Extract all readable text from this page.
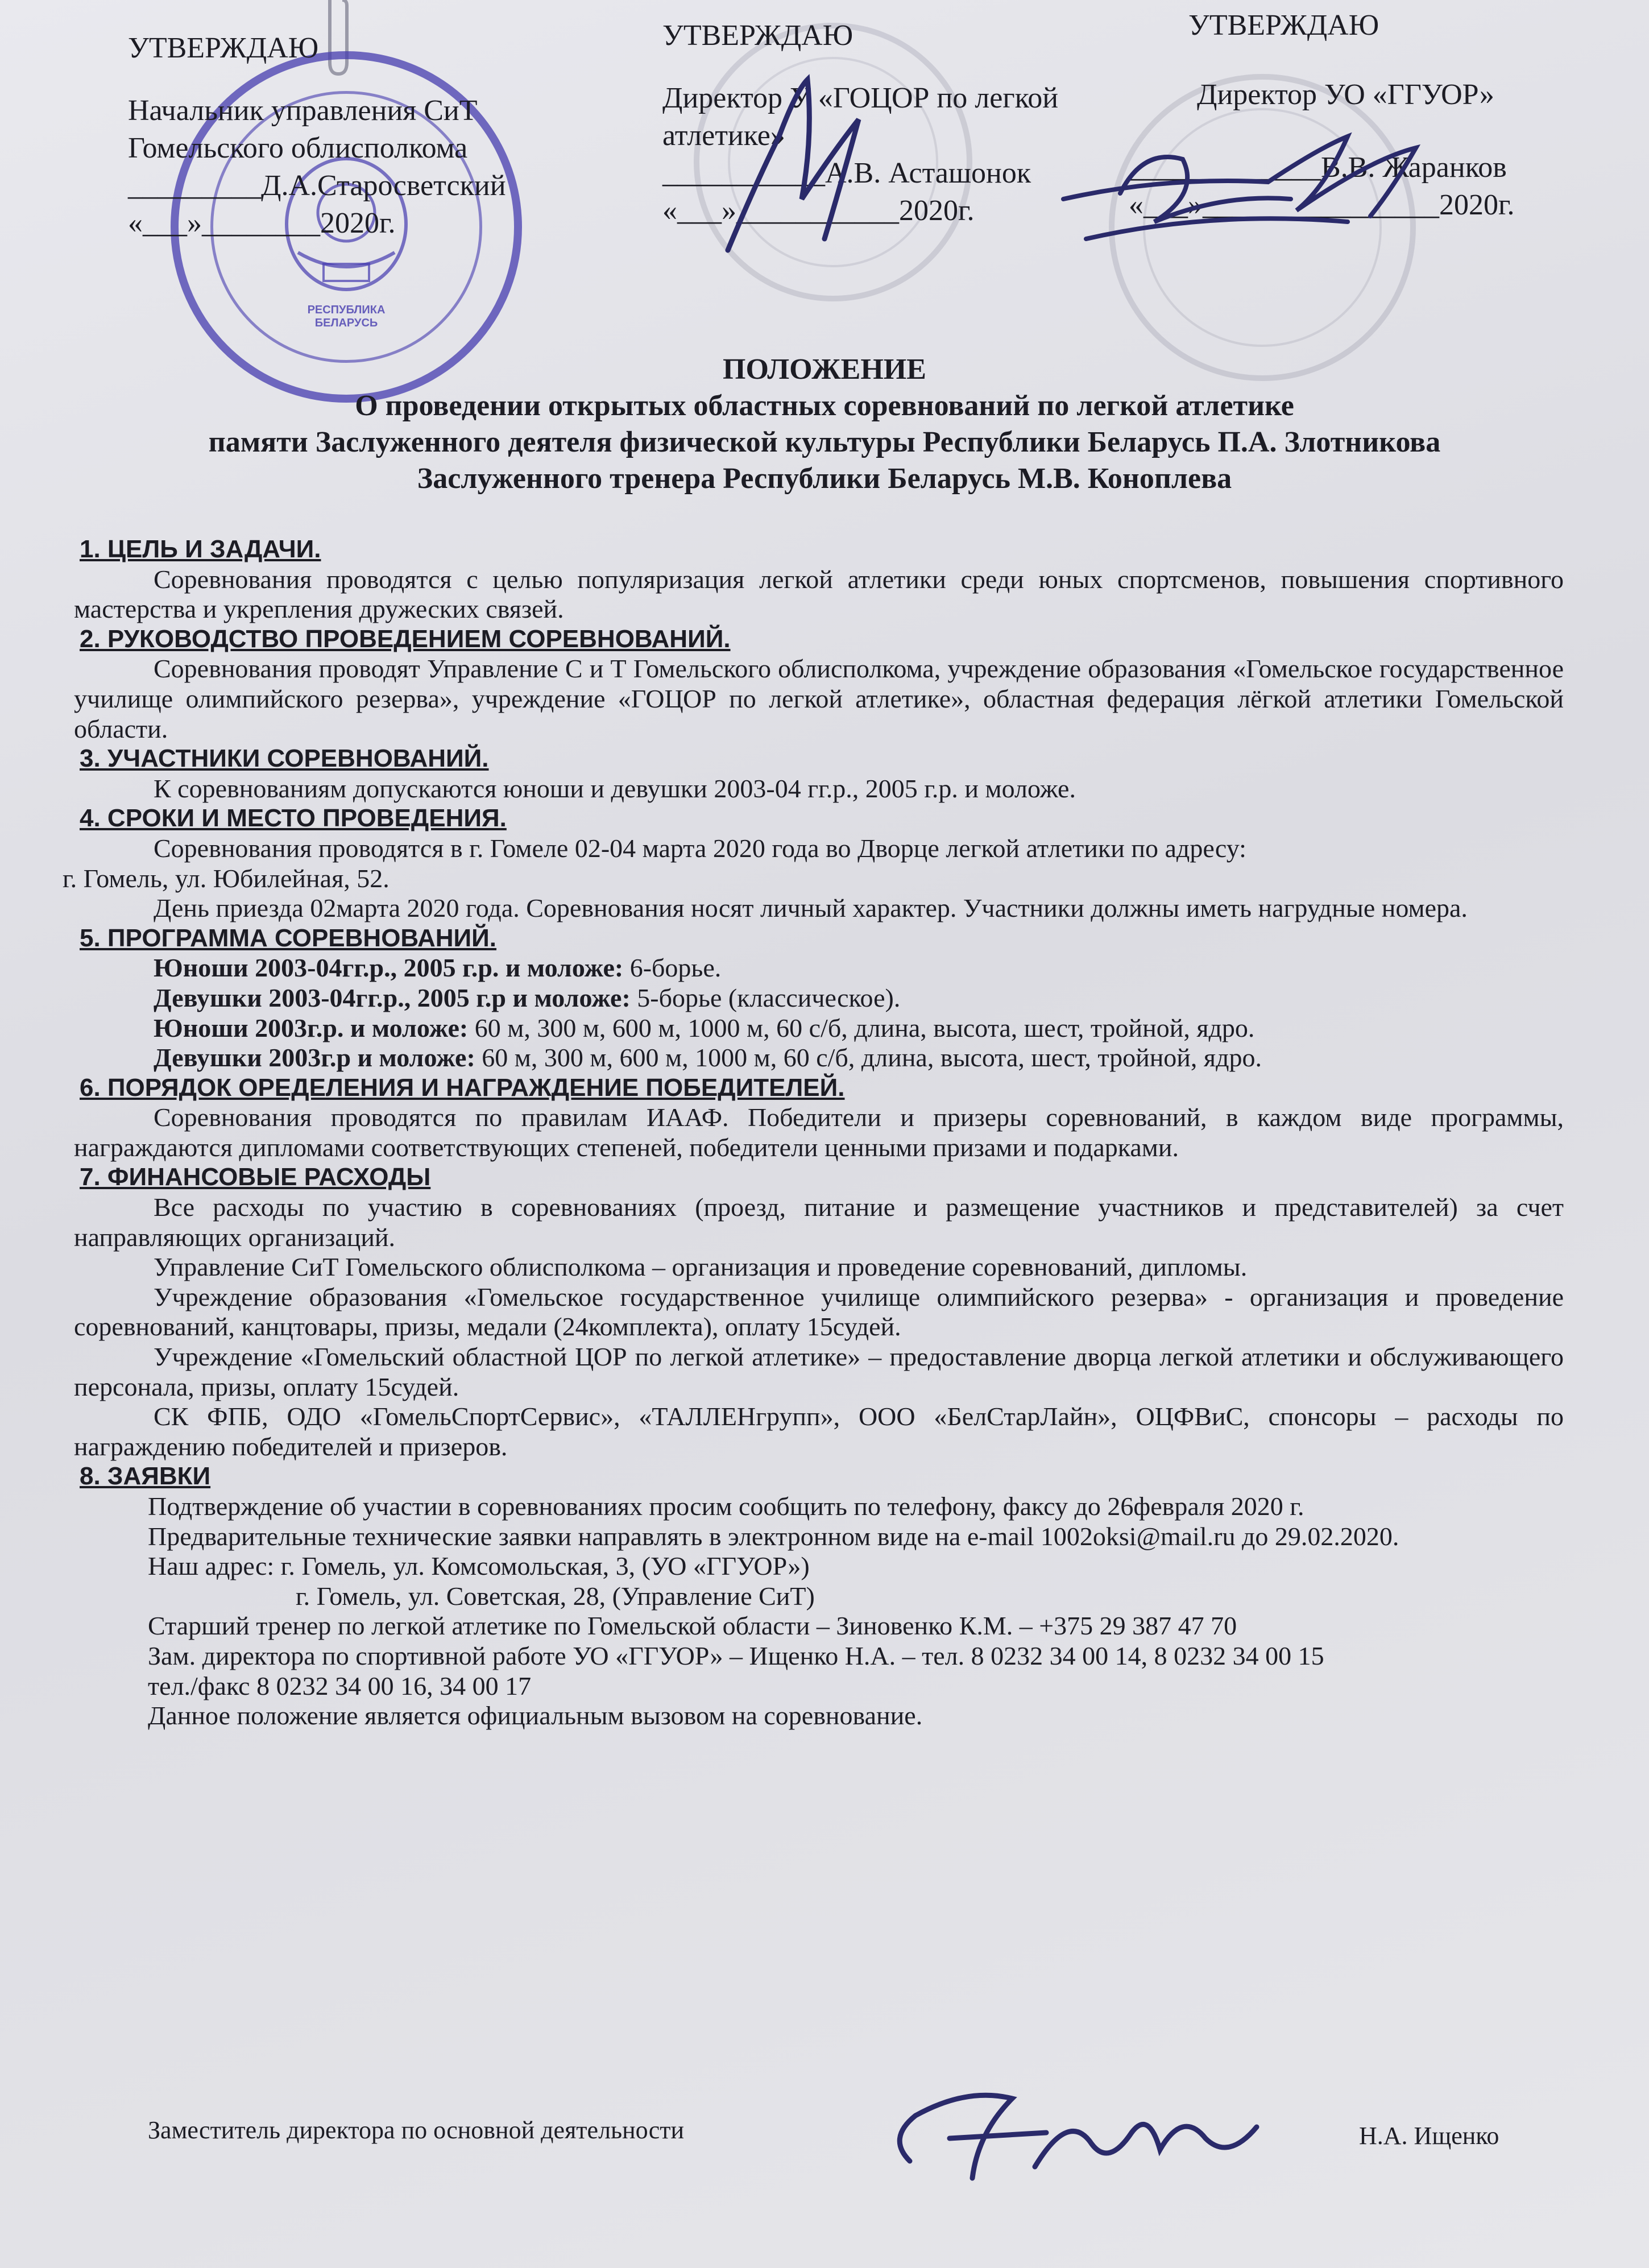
РЕСПУБЛИКА БЕЛАРУСЬ
УТВЕРЖДАЮ
Начальник управления СиТ
Гомельского облисполкома
_________Д.А.Старосветский
«___»________2020г.
УТВЕРЖДАЮ
Директор У «ГОЦОР по легкой
атлетике»
___________А.В. Асташонок
«___»___________2020г.
УТВЕРЖДАЮ
Директор УО «ГГУОР»
_____________В.В. Жаранков
«___»________________2020г.
ПОЛОЖЕНИЕ
О проведении открытых областных соревнований по легкой атлетике
памяти Заслуженного деятеля физической культуры Республики Беларусь П.А. Злотникова
Заслуженного тренера Республики Беларусь М.В. Коноплева
1. ЦЕЛЬ И ЗАДАЧИ.
Соревнования проводятся с целью популяризация легкой атлетики среди юных спортсменов, повышения спортивного мастерства и укрепления дружеских связей.
2. РУКОВОДСТВО ПРОВЕДЕНИЕМ СОРЕВНОВАНИЙ.
Соревнования проводят Управление С и Т Гомельского облисполкома, учреждение образования «Гомельское государственное училище олимпийского резерва», учреждение «ГОЦОР по легкой атлетике», областная федерация лёгкой атлетики Гомельской области.
3. УЧАСТНИКИ СОРЕВНОВАНИЙ.
К соревнованиям допускаются юноши и девушки 2003-04 гг.р., 2005 г.р. и моложе.
4. СРОКИ И МЕСТО ПРОВЕДЕНИЯ.
Соревнования проводятся в г. Гомеле 02-04 марта 2020 года во Дворце легкой атлетики по адресу:
г. Гомель, ул. Юбилейная, 52.
День приезда 02марта 2020 года. Соревнования носят личный характер. Участники должны иметь нагрудные номера.
5. ПРОГРАММА СОРЕВНОВАНИЙ.
Юноши 2003-04гг.р., 2005 г.р. и моложе: 6-борье.
Девушки 2003-04гг.р., 2005 г.р и моложе: 5-борье (классическое).
Юноши 2003г.р. и моложе: 60 м, 300 м, 600 м, 1000 м, 60 с/б, длина, высота, шест, тройной, ядро.
Девушки 2003г.р и моложе: 60 м, 300 м, 600 м, 1000 м, 60 с/б, длина, высота, шест, тройной, ядро.
6. ПОРЯДОК ОРЕДЕЛЕНИЯ И НАГРАЖДЕНИЕ ПОБЕДИТЕЛЕЙ.
Соревнования проводятся по правилам ИААФ. Победители и призеры соревнований, в каждом виде программы, награждаются дипломами соответствующих степеней, победители ценными призами и подарками.
7. ФИНАНСОВЫЕ РАСХОДЫ
Все расходы по участию в соревнованиях (проезд, питание и размещение участников и представителей) за счет направляющих организаций.
Управление СиТ Гомельского облисполкома – организация и проведение соревнований, дипломы.
Учреждение образования «Гомельское государственное училище олимпийского резерва» - организация и проведение соревнований, канцтовары, призы, медали (24комплекта), оплату 15судей.
Учреждение «Гомельский областной ЦОР по легкой атлетике» – предоставление дворца легкой атлетики и обслуживающего персонала, призы, оплату 15судей.
СК ФПБ, ОДО «ГомельСпортСервис», «ТАЛЛЕНгрупп», ООО «БелСтарЛайн», ОЦФВиС, спонсоры – расходы по награждению победителей и призеров.
8. ЗАЯВКИ
Подтверждение об участии в соревнованиях просим сообщить по телефону, факсу до 26февраля 2020 г.
Предварительные технические заявки направлять в электронном виде на e-mail 1002oksi@mail.ru до 29.02.2020.
Наш адрес: г. Гомель, ул. Комсомольская, 3, (УО «ГГУОР»)
г. Гомель, ул. Советская, 28, (Управление СиТ)
Старший тренер по легкой атлетике по Гомельской области – Зиновенко К.М. – +375 29 387 47 70
Зам. директора по спортивной работе УО «ГГУОР» – Ищенко Н.А. – тел. 8 0232 34 00 14, 8 0232 34 00 15
тел./факс 8 0232 34 00 16, 34 00 17
Данное положение является официальным вызовом на соревнование.
Заместитель директора по основной деятельности	Н.А. Ищенко
